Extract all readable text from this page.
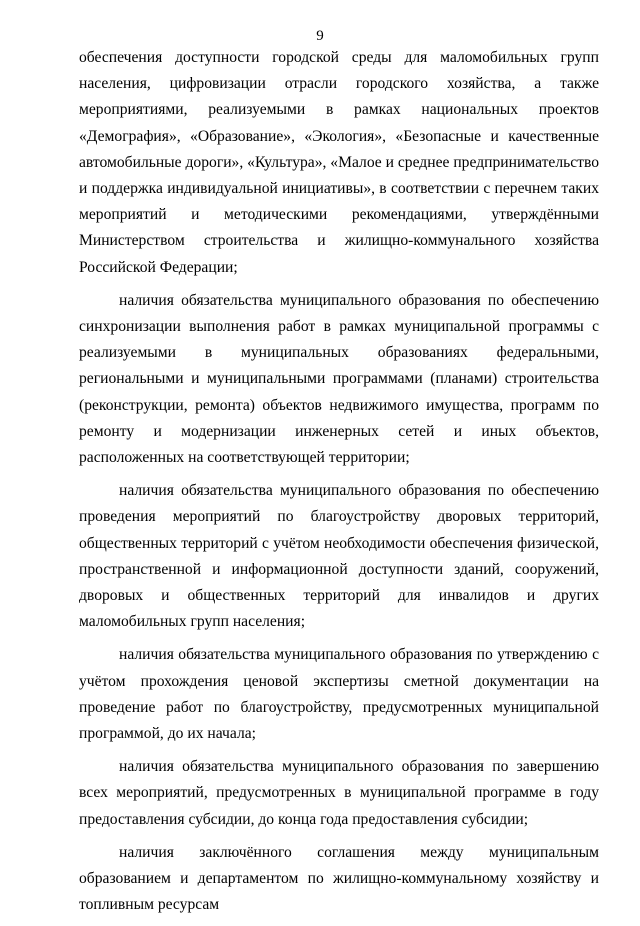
9

обеспечения доступности городской среды для маломобильных групп населения, цифровизации отрасли городского хозяйства, а также мероприятиями, реализуемыми в рамках национальных проектов «Демография», «Образование», «Экология», «Безопасные и качественные автомобильные дороги», «Культура», «Малое и среднее предпринимательство и поддержка индивидуальной инициативы», в соответствии с перечнем таких мероприятий и методическими рекомендациями, утверждёнными Министерством строительства и жилищно-коммунального хозяйства Российской Федерации;

наличия обязательства муниципального образования по обеспечению синхронизации выполнения работ в рамках муниципальной программы с реализуемыми в муниципальных образованиях федеральными, региональными и муниципальными программами (планами) строительства (реконструкции, ремонта) объектов недвижимого имущества, программ по ремонту и модернизации инженерных сетей и иных объектов, расположенных на соответствующей территории;

наличия обязательства муниципального образования по обеспечению проведения мероприятий по благоустройству дворовых территорий, общественных территорий с учётом необходимости обеспечения физической, пространственной и информационной доступности зданий, сооружений, дворовых и общественных территорий для инвалидов и других маломобильных групп населения;

наличия обязательства муниципального образования по утверждению с учётом прохождения ценовой экспертизы сметной документации на проведение работ по благоустройству, предусмотренных муниципальной программой, до их начала;

наличия обязательства муниципального образования по завершению всех мероприятий, предусмотренных в муниципальной программе в году предоставления субсидии, до конца года предоставления субсидии;

наличия заключённого соглашения между муниципальным образованием и департаментом по жилищно-коммунальному хозяйству и топливным ресурсам
